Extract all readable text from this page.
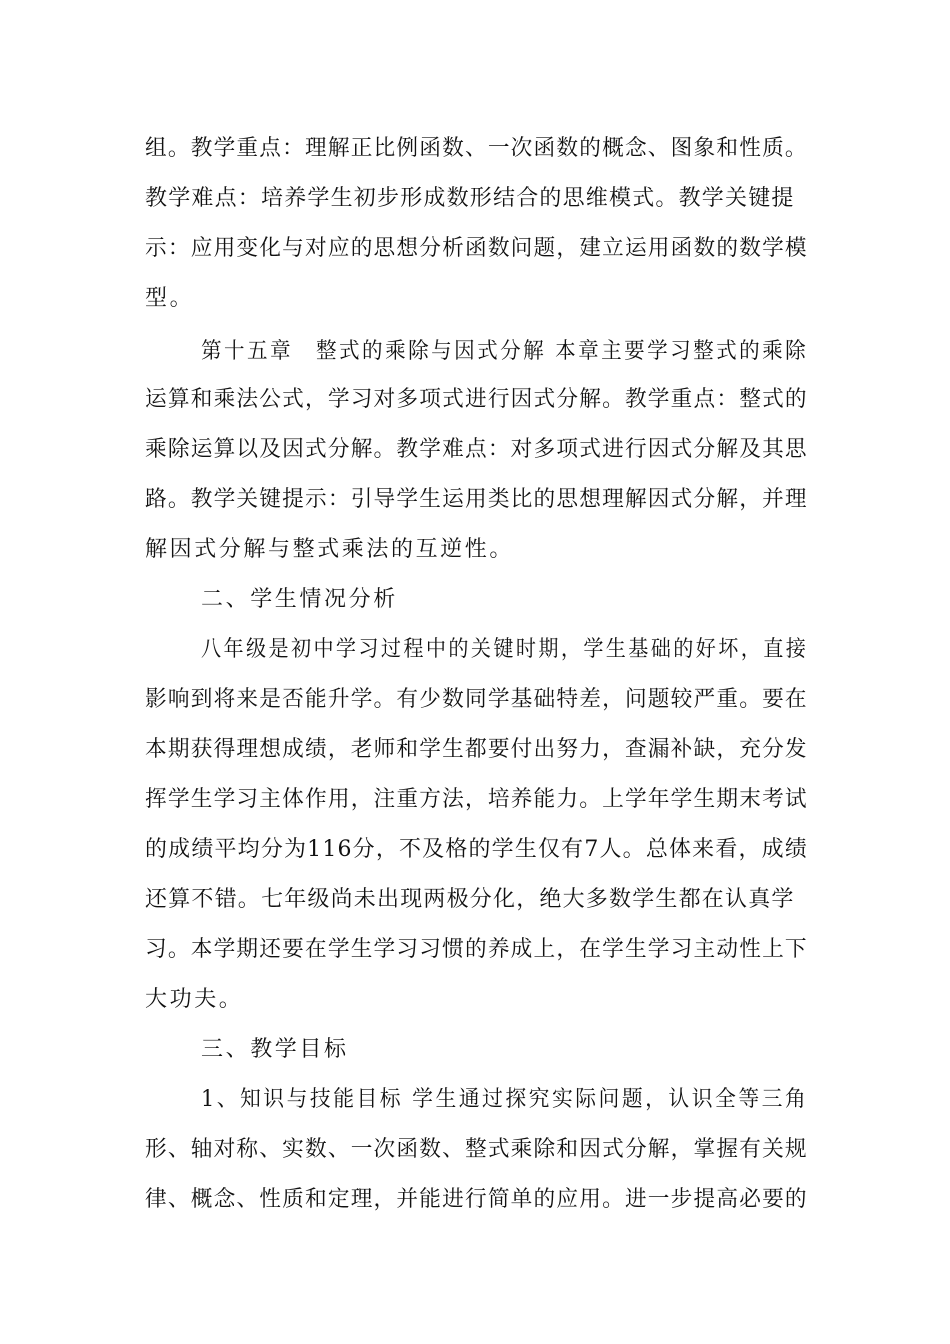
组。教学重点：理解正比例函数、一次函数的概念、图象和性质。
教学难点：培养学生初步形成数形结合的思维模式。教学关键提
示：应用变化与对应的思想分析函数问题，建立运用函数的数学模
型。
第十五章　整式的乘除与因式分解 本章主要学习整式的乘除
运算和乘法公式，学习对多项式进行因式分解。教学重点：整式的
乘除运算以及因式分解。教学难点：对多项式进行因式分解及其思
路。教学关键提示：引导学生运用类比的思想理解因式分解，并理
解因式分解与整式乘法的互逆性。
二、学生情况分析
八年级是初中学习过程中的关键时期，学生基础的好坏，直接
影响到将来是否能升学。有少数同学基础特差，问题较严重。要在
本期获得理想成绩，老师和学生都要付出努力，查漏补缺，充分发
挥学生学习主体作用，注重方法，培养能力。上学年学生期末考试
的成绩平均分为116分，不及格的学生仅有7人。总体来看，成绩
还算不错。七年级尚未出现两极分化，绝大多数学生都在认真学
习。本学期还要在学生学习习惯的养成上，在学生学习主动性上下
大功夫。
三、教学目标
1、知识与技能目标 学生通过探究实际问题，认识全等三角
形、轴对称、实数、一次函数、整式乘除和因式分解，掌握有关规
律、概念、性质和定理，并能进行简单的应用。进一步提高必要的
